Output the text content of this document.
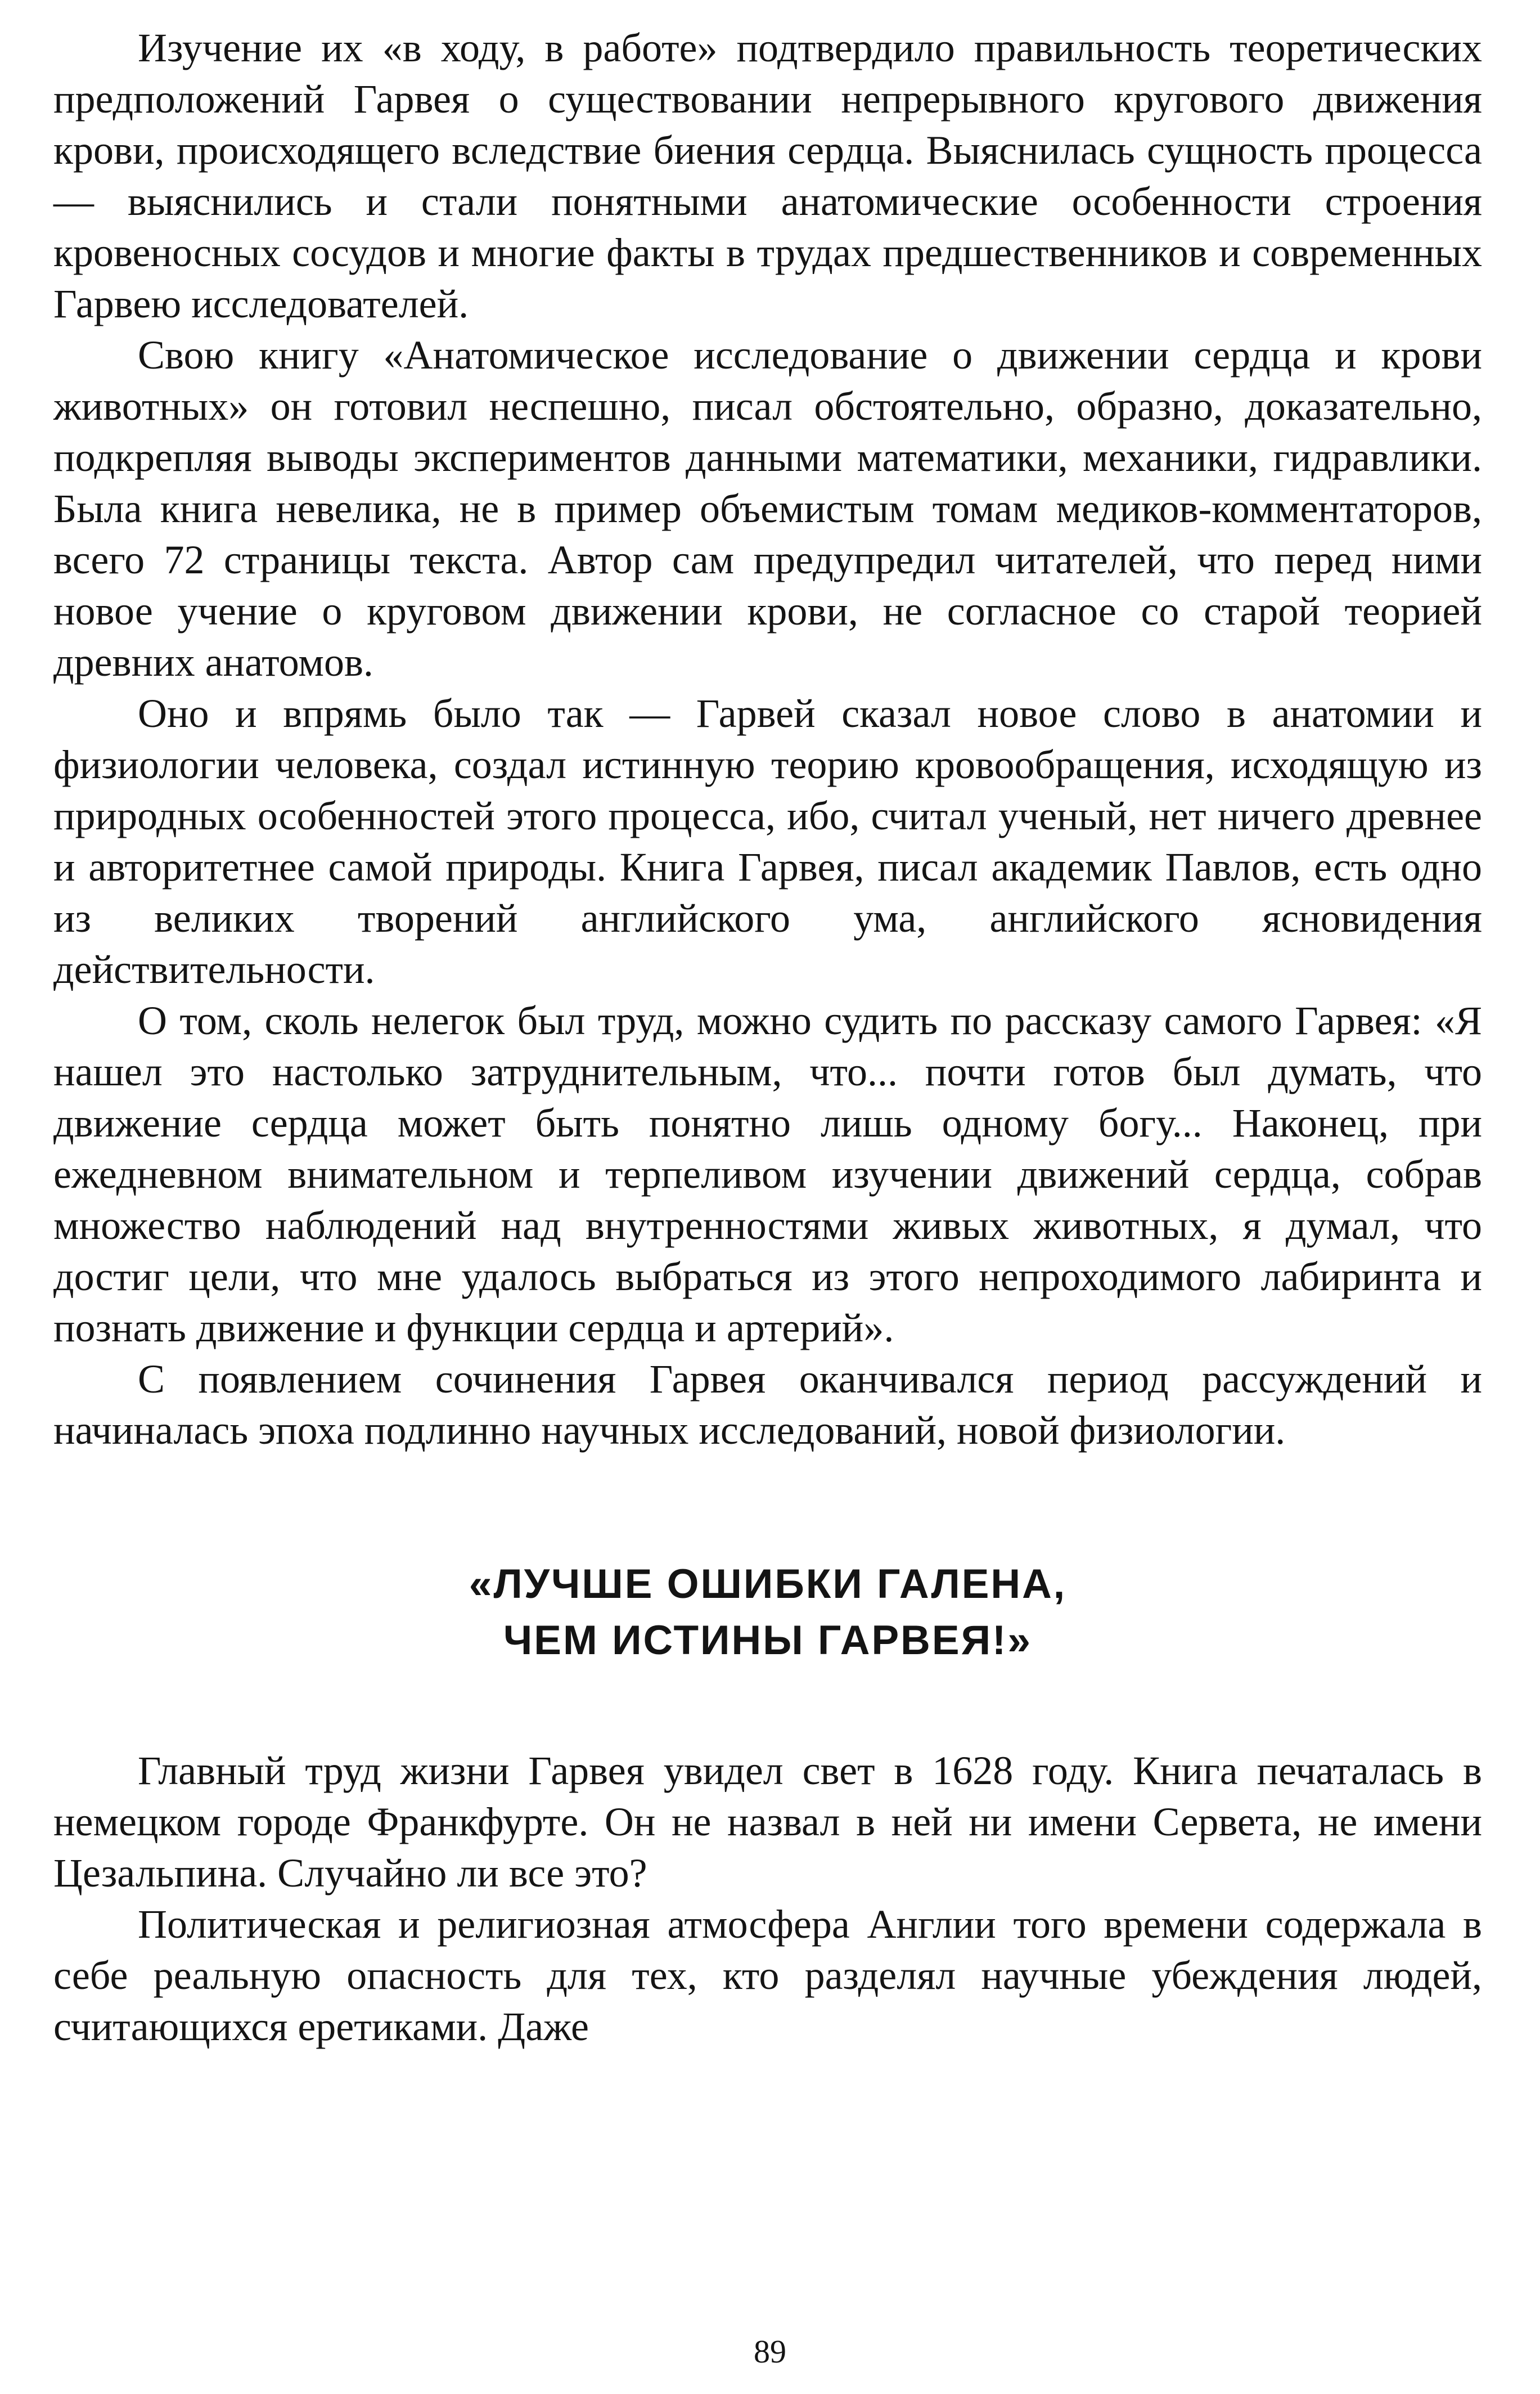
Изучение их «в ходу, в работе» подтвердило правильность теоретических предположений Гарвея о существовании непрерывного кругового движения крови, происходящего вследствие биения сердца. Выяснилась сущность процесса — выяснились и стали понятными анатомические особенности строения кровеносных сосудов и многие факты в трудах предшественников и современных Гарвею исследователей.

Свою книгу «Анатомическое исследование о движении сердца и крови животных» он готовил неспешно, писал обстоятельно, образно, доказательно, подкрепляя выводы экспериментов данными математики, механики, гидравлики. Была книга невелика, не в пример объемистым томам медиков-комментаторов, всего 72 страницы текста. Автор сам предупредил читателей, что перед ними новое учение о круговом движении крови, не согласное со старой теорией древних анатомов.

Оно и впрямь было так — Гарвей сказал новое слово в анатомии и физиологии человека, создал истинную теорию кровообращения, исходящую из природных особенностей этого процесса, ибо, считал ученый, нет ничего древнее и авторитетнее самой природы. Книга Гарвея, писал академик Павлов, есть одно из великих творений английского ума, английского ясновидения действительности.

О том, сколь нелегок был труд, можно судить по рассказу самого Гарвея: «Я нашел это настолько затруднительным, что... почти готов был думать, что движение сердца может быть понятно лишь одному богу... Наконец, при ежедневном внимательном и терпеливом изучении движений сердца, собрав множество наблюдений над внутренностями живых животных, я думал, что достиг цели, что мне удалось выбраться из этого непроходимого лабиринта и познать движение и функции сердца и артерий».

С появлением сочинения Гарвея оканчивался период рассуждений и начиналась эпоха подлинно научных исследований, новой физиологии.

«ЛУЧШЕ ОШИБКИ ГАЛЕНА,
ЧЕМ ИСТИНЫ ГАРВЕЯ!»

Главный труд жизни Гарвея увидел свет в 1628 году. Книга печаталась в немецком городе Франкфурте. Он не назвал в ней ни имени Сервета, не имени Цезальпина. Случайно ли все это?

Политическая и религиозная атмосфера Англии того времени содержала в себе реальную опасность для тех, кто разделял научные убеждения людей, считающихся еретиками. Даже

89
